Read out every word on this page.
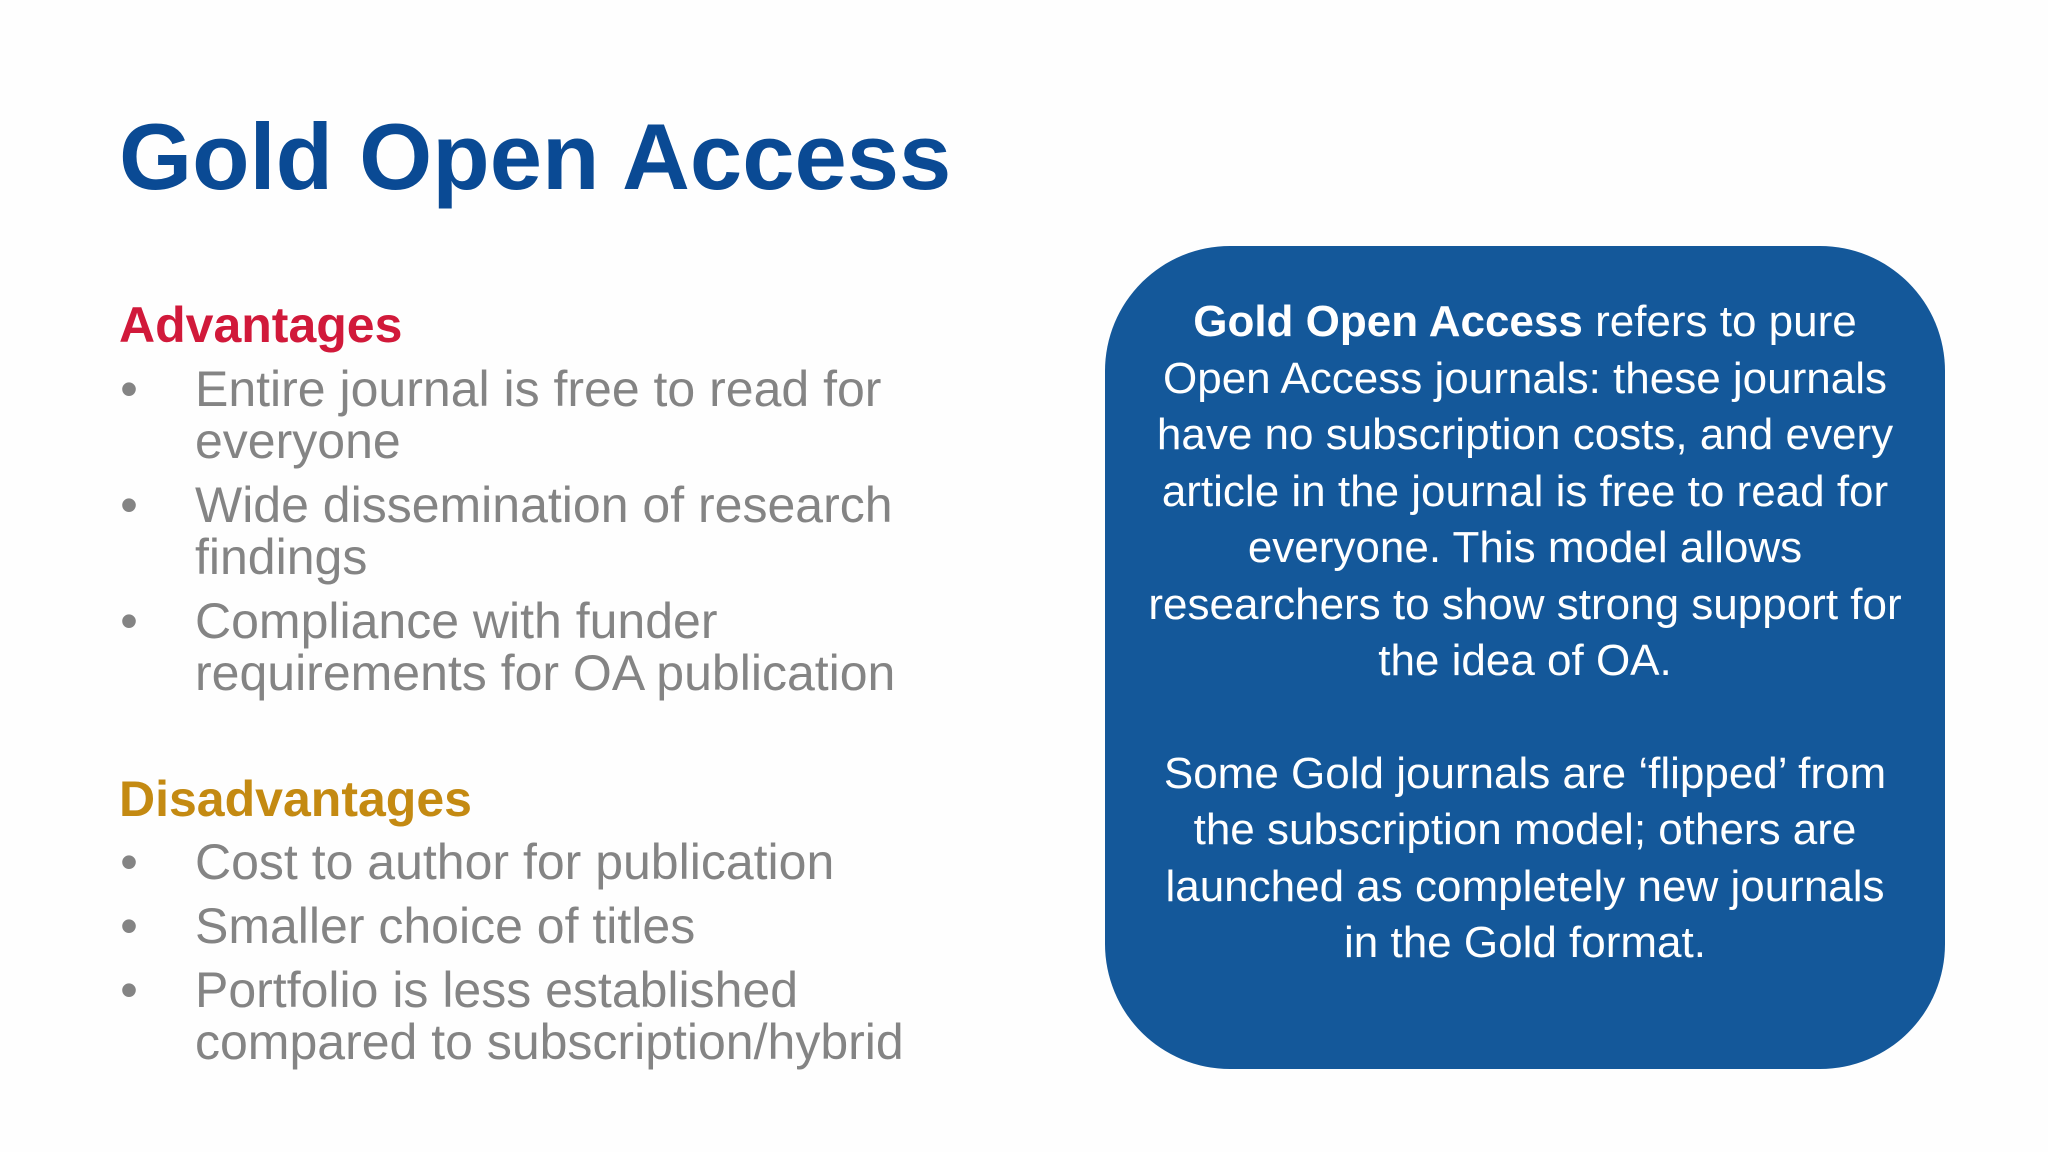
Gold Open Access
Advantages
• Entire journal is free to read for everyone
• Wide dissemination of research findings
• Compliance with funder requirements for OA publication
Disadvantages
• Cost to author for publication
• Smaller choice of titles
• Portfolio is less established compared to subscription/hybrid

Gold Open Access refers to pure Open Access journals: these journals have no subscription costs, and every article in the journal is free to read for everyone. This model allows researchers to show strong support for the idea of OA.

Some Gold journals are ‘flipped’ from the subscription model; others are launched as completely new journals in the Gold format.
